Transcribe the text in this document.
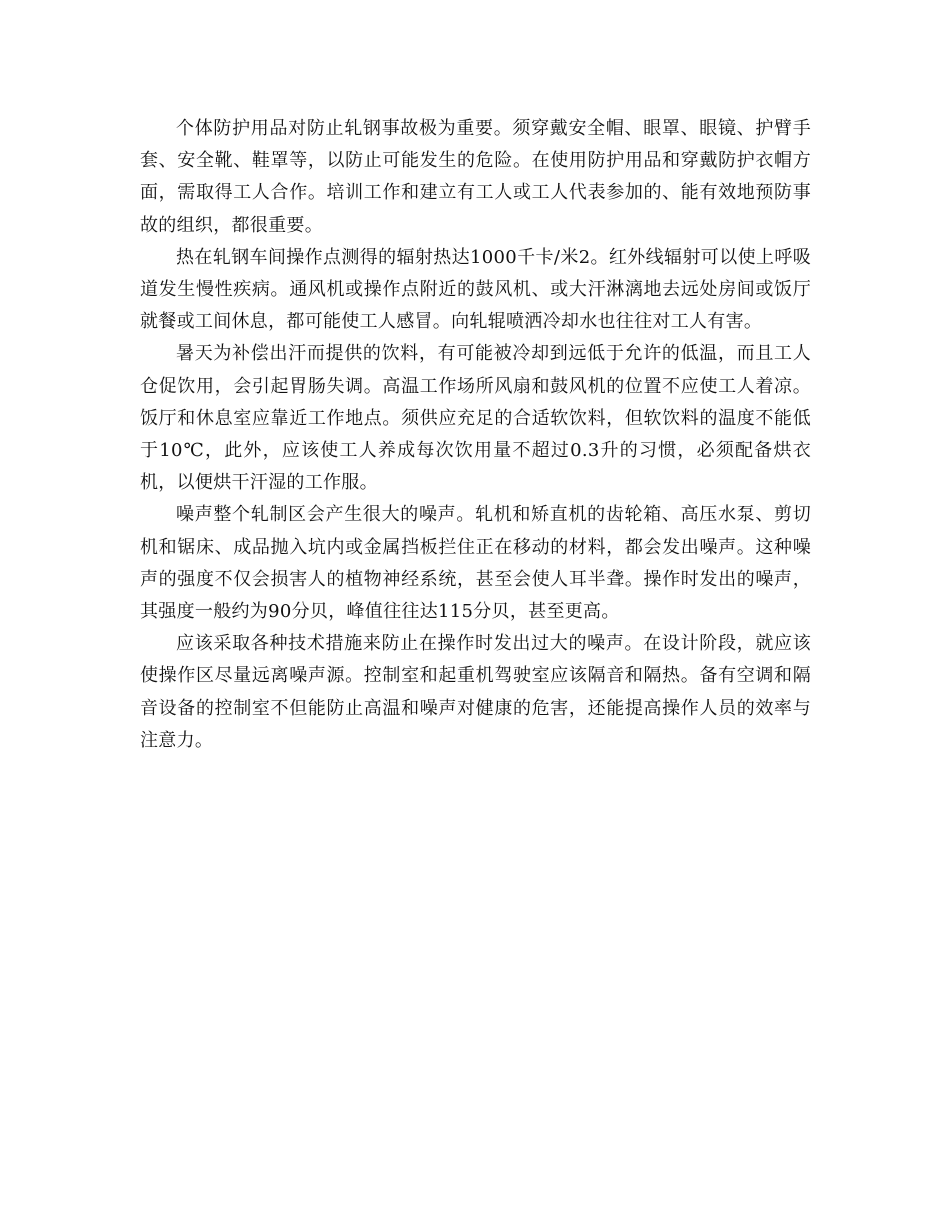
个体防护用品对防止轧钢事故极为重要。须穿戴安全帽、眼罩、眼镜、护臂手套、安全靴、鞋罩等，以防止可能发生的危险。在使用防护用品和穿戴防护衣帽方面，需取得工人合作。培训工作和建立有工人或工人代表参加的、能有效地预防事故的组织，都很重要。

热在轧钢车间操作点测得的辐射热达1000千卡/米2。红外线辐射可以使上呼吸道发生慢性疾病。通风机或操作点附近的鼓风机、或大汗淋漓地去远处房间或饭厅就餐或工间休息，都可能使工人感冒。向轧辊喷洒冷却水也往往对工人有害。

暑天为补偿出汗而提供的饮料，有可能被冷却到远低于允许的低温，而且工人仓促饮用，会引起胃肠失调。高温工作场所风扇和鼓风机的位置不应使工人着凉。饭厅和休息室应靠近工作地点。须供应充足的合适软饮料，但软饮料的温度不能低于10℃，此外，应该使工人养成每次饮用量不超过0.3升的习惯，必须配备烘衣机，以便烘干汗湿的工作服。

噪声整个轧制区会产生很大的噪声。轧机和矫直机的齿轮箱、高压水泵、剪切机和锯床、成品抛入坑内或金属挡板拦住正在移动的材料，都会发出噪声。这种噪声的强度不仅会损害人的植物神经系统，甚至会使人耳半聋。操作时发出的噪声，其强度一般约为90分贝，峰值往往达115分贝，甚至更高。

应该采取各种技术措施来防止在操作时发出过大的噪声。在设计阶段，就应该使操作区尽量远离噪声源。控制室和起重机驾驶室应该隔音和隔热。备有空调和隔音设备的控制室不但能防止高温和噪声对健康的危害，还能提高操作人员的效率与注意力。
